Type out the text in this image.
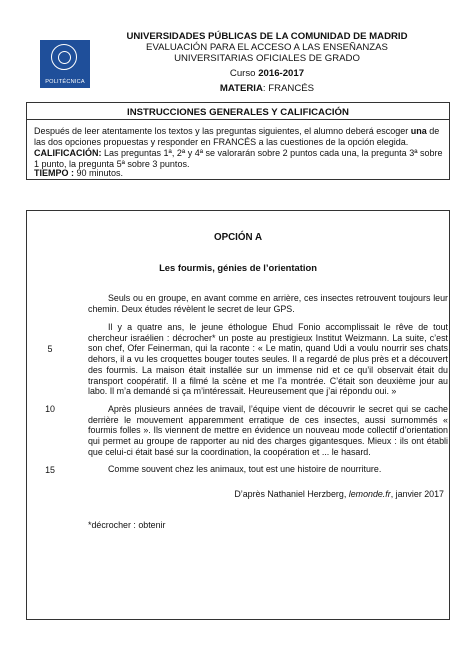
POLITÉCNICA
UNIVERSIDADES PÚBLICAS DE LA COMUNIDAD DE MADRID
EVALUACIÓN PARA EL ACCESO A LAS ENSEÑANZAS
UNIVERSITARIAS OFICIALES DE GRADO
Curso 2016-2017
MATERIA: FRANCÉS
INSTRUCCIONES GENERALES Y CALIFICACIÓN
Después de leer atentamente los textos y las preguntas siguientes, el alumno deberá escoger una de las dos opciones propuestas y responder en FRANCÉS a las cuestiones de la opción elegida.
CALIFICACIÓN: Las preguntas 1ª, 2ª y 4ª se valorarán sobre 2 puntos cada una, la pregunta 3ª sobre 1 punto, la pregunta 5ª sobre 3 puntos.
TIEMPO : 90 minutos.
OPCIÓN A
Les fourmis, génies de l’orientation

Seuls ou en groupe, en avant comme en arrière, ces insectes retrouvent toujours leur chemin. Deux études révèlent le secret de leur GPS.

Il y a quatre ans, le jeune éthologue Ehud Fonio accomplissait le rêve de tout chercheur israélien : décrocher* un poste au prestigieux Institut Weizmann. La suite, c’est son chef, Ofer Feinerman, qui la raconte : « Le matin, quand Udi a voulu nourrir ses chats dehors, il a vu les croquettes bouger toutes seules. Il a regardé de plus près et a découvert des fourmis. La maison était installée sur un immense nid et ce qu’il observait était du transport coopératif. Il a filmé la scène et me l’a montrée. C’était son deuxième jour au labo. Il m’a demandé si ça m’intéressait. Heureusement que j’ai répondu oui. »

Après plusieurs années de travail, l’équipe vient de découvrir le secret qui se cache derrière le mouvement apparemment erratique de ces insectes, aussi surnommés « fourmis folles ». Ils viennent de mettre en évidence un nouveau mode collectif d’orientation qui permet au groupe de rapporter au nid des charges gigantesques. Mieux : ils ont établi que celui-ci était basé sur la coordination, la coopération et ... le hasard.

Comme souvent chez les animaux, tout est une histoire de nourriture.

5
10
15
D’après Nathaniel Herzberg, lemonde.fr, janvier 2017
*décrocher : obtenir
